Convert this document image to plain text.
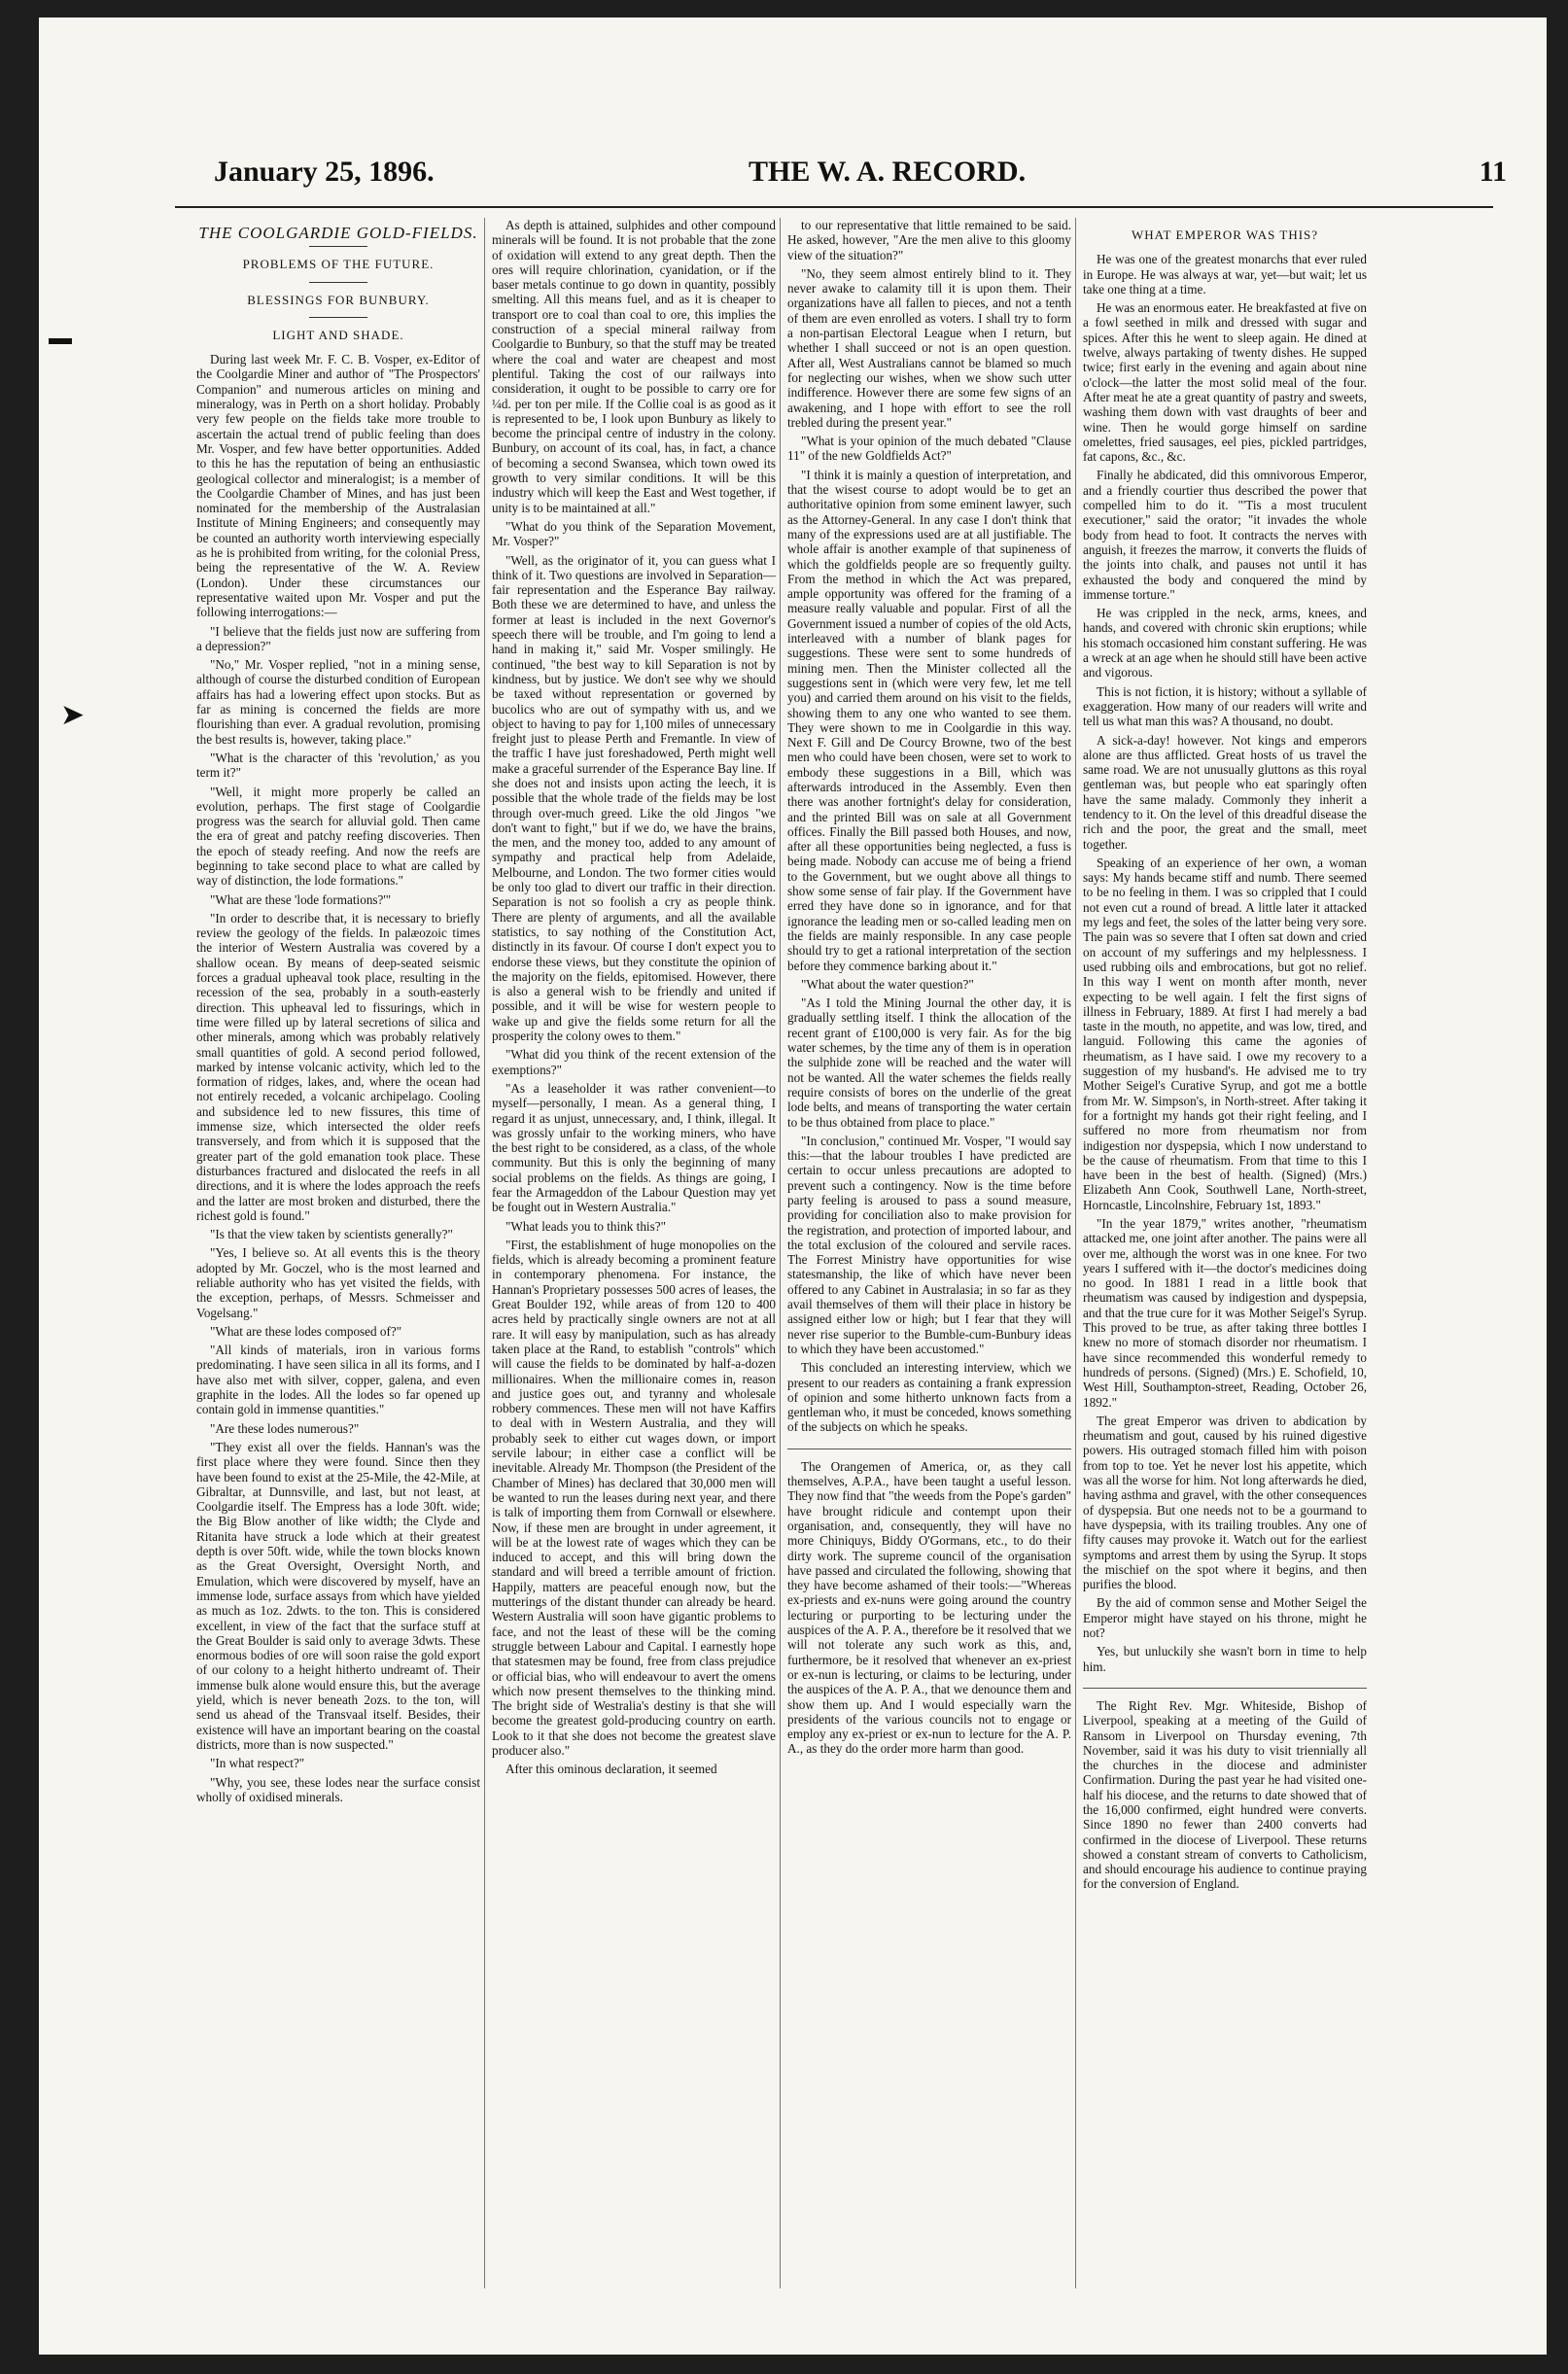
January 25, 1896.	THE W. A. RECORD.	11
➤
THE COOLGARDIE GOLD-FIELDS.
PROBLEMS OF THE FUTURE.
BLESSINGS FOR BUNBURY.
LIGHT AND SHADE.

During last week Mr. F. C. B. Vosper, ex-Editor of the Coolgardie Miner and author of "The Prospectors' Companion" and numerous articles on mining and mineralogy, was in Perth on a short holiday. Probably very few people on the fields take more trouble to ascertain the actual trend of public feeling than does Mr. Vosper, and few have better opportunities. Added to this he has the reputation of being an enthusiastic geological collector and mineralogist; is a member of the Coolgardie Chamber of Mines, and has just been nominated for the membership of the Australasian Institute of Mining Engineers; and consequently may be counted an authority worth interviewing especially as he is prohibited from writing, for the colonial Press, being the representative of the W. A. Review (London). Under these circumstances our representative waited upon Mr. Vosper and put the following interrogations:—

"I believe that the fields just now are suffering from a depression?"

"No," Mr. Vosper replied, "not in a mining sense, although of course the disturbed condition of European affairs has had a lowering effect upon stocks. But as far as mining is concerned the fields are more flourishing than ever. A gradual revolution, promising the best results is, however, taking place."

"What is the character of this 'revolution,' as you term it?"

"Well, it might more properly be called an evolution, perhaps. The first stage of Coolgardie progress was the search for alluvial gold. Then came the era of great and patchy reefing discoveries. Then the epoch of steady reefing. And now the reefs are beginning to take second place to what are called by way of distinction, the lode formations."

"What are these 'lode formations?'"

"In order to describe that, it is necessary to briefly review the geology of the fields. In palæozoic times the interior of Western Australia was covered by a shallow ocean. By means of deep-seated seismic forces a gradual upheaval took place, resulting in the recession of the sea, probably in a south-easterly direction. This upheaval led to fissurings, which in time were filled up by lateral secretions of silica and other minerals, among which was probably relatively small quantities of gold. A second period followed, marked by intense volcanic activity, which led to the formation of ridges, lakes, and, where the ocean had not entirely receded, a volcanic archipelago. Cooling and subsidence led to new fissures, this time of immense size, which intersected the older reefs transversely, and from which it is supposed that the greater part of the gold emanation took place. These disturbances fractured and dislocated the reefs in all directions, and it is where the lodes approach the reefs and the latter are most broken and disturbed, there the richest gold is found."

"Is that the view taken by scientists generally?"

"Yes, I believe so. At all events this is the theory adopted by Mr. Goczel, who is the most learned and reliable authority who has yet visited the fields, with the exception, perhaps, of Messrs. Schmeisser and Vogelsang."

"What are these lodes composed of?"

"All kinds of materials, iron in various forms predominating. I have seen silica in all its forms, and I have also met with silver, copper, galena, and even graphite in the lodes. All the lodes so far opened up contain gold in immense quantities."

"Are these lodes numerous?"

"They exist all over the fields. Hannan's was the first place where they were found. Since then they have been found to exist at the 25-Mile, the 42-Mile, at Gibraltar, at Dunnsville, and last, but not least, at Coolgardie itself. The Empress has a lode 30ft. wide; the Big Blow another of like width; the Clyde and Ritanita have struck a lode which at their greatest depth is over 50ft. wide, while the town blocks known as the Great Oversight, Oversight North, and Emulation, which were discovered by myself, have an immense lode, surface assays from which have yielded as much as 1oz. 2dwts. to the ton. This is considered excellent, in view of the fact that the surface stuff at the Great Boulder is said only to average 3dwts. These enormous bodies of ore will soon raise the gold export of our colony to a height hitherto undreamt of. Their immense bulk alone would ensure this, but the average yield, which is never beneath 2ozs. to the ton, will send us ahead of the Transvaal itself. Besides, their existence will have an important bearing on the coastal districts, more than is now suspected."

"In what respect?"

"Why, you see, these lodes near the surface consist wholly of oxidised minerals.

As depth is attained, sulphides and other compound minerals will be found. It is not probable that the zone of oxidation will extend to any great depth. Then the ores will require chlorination, cyanidation, or if the baser metals continue to go down in quantity, possibly smelting. All this means fuel, and as it is cheaper to transport ore to coal than coal to ore, this implies the construction of a special mineral railway from Coolgardie to Bunbury, so that the stuff may be treated where the coal and water are cheapest and most plentiful. Taking the cost of our railways into consideration, it ought to be possible to carry ore for ¼d. per ton per mile. If the Collie coal is as good as it is represented to be, I look upon Bunbury as likely to become the principal centre of industry in the colony. Bunbury, on account of its coal, has, in fact, a chance of becoming a second Swansea, which town owed its growth to very similar conditions. It will be this industry which will keep the East and West together, if unity is to be maintained at all."

"What do you think of the Separation Movement, Mr. Vosper?"

"Well, as the originator of it, you can guess what I think of it. Two questions are involved in Separation—fair representation and the Esperance Bay railway. Both these we are determined to have, and unless the former at least is included in the next Governor's speech there will be trouble, and I'm going to lend a hand in making it," said Mr. Vosper smilingly. He continued, "the best way to kill Separation is not by kindness, but by justice. We don't see why we should be taxed without representation or governed by bucolics who are out of sympathy with us, and we object to having to pay for 1,100 miles of unnecessary freight just to please Perth and Fremantle. In view of the traffic I have just foreshadowed, Perth might well make a graceful surrender of the Esperance Bay line. If she does not and insists upon acting the leech, it is possible that the whole trade of the fields may be lost through over-much greed. Like the old Jingos "we don't want to fight," but if we do, we have the brains, the men, and the money too, added to any amount of sympathy and practical help from Adelaide, Melbourne, and London. The two former cities would be only too glad to divert our traffic in their direction. Separation is not so foolish a cry as people think. There are plenty of arguments, and all the available statistics, to say nothing of the Constitution Act, distinctly in its favour. Of course I don't expect you to endorse these views, but they constitute the opinion of the majority on the fields, epitomised. However, there is also a general wish to be friendly and united if possible, and it will be wise for western people to wake up and give the fields some return for all the prosperity the colony owes to them."

"What did you think of the recent extension of the exemptions?"

"As a leaseholder it was rather convenient—to myself—personally, I mean. As a general thing, I regard it as unjust, unnecessary, and, I think, illegal. It was grossly unfair to the working miners, who have the best right to be considered, as a class, of the whole community. But this is only the beginning of many social problems on the fields. As things are going, I fear the Armageddon of the Labour Question may yet be fought out in Western Australia."

"What leads you to think this?"

"First, the establishment of huge monopolies on the fields, which is already becoming a prominent feature in contemporary phenomena. For instance, the Hannan's Proprietary possesses 500 acres of leases, the Great Boulder 192, while areas of from 120 to 400 acres held by practically single owners are not at all rare. It will easy by manipulation, such as has already taken place at the Rand, to establish "controls" which will cause the fields to be dominated by half-a-dozen millionaires. When the millionaire comes in, reason and justice goes out, and tyranny and wholesale robbery commences. These men will not have Kaffirs to deal with in Western Australia, and they will probably seek to either cut wages down, or import servile labour; in either case a conflict will be inevitable. Already Mr. Thompson (the President of the Chamber of Mines) has declared that 30,000 men will be wanted to run the leases during next year, and there is talk of importing them from Cornwall or elsewhere. Now, if these men are brought in under agreement, it will be at the lowest rate of wages which they can be induced to accept, and this will bring down the standard and will breed a terrible amount of friction. Happily, matters are peaceful enough now, but the mutterings of the distant thunder can already be heard. Western Australia will soon have gigantic problems to face, and not the least of these will be the coming struggle between Labour and Capital. I earnestly hope that statesmen may be found, free from class prejudice or official bias, who will endeavour to avert the omens which now present themselves to the thinking mind. The bright side of Westralia's destiny is that she will become the greatest gold-producing country on earth. Look to it that she does not become the greatest slave producer also."

After this ominous declaration, it seemed

to our representative that little remained to be said. He asked, however, "Are the men alive to this gloomy view of the situation?"

"No, they seem almost entirely blind to it. They never awake to calamity till it is upon them. Their organizations have all fallen to pieces, and not a tenth of them are even enrolled as voters. I shall try to form a non-partisan Electoral League when I return, but whether I shall succeed or not is an open question. After all, West Australians cannot be blamed so much for neglecting our wishes, when we show such utter indifference. However there are some few signs of an awakening, and I hope with effort to see the roll trebled during the present year."

"What is your opinion of the much debated "Clause 11" of the new Goldfields Act?"

"I think it is mainly a question of interpretation, and that the wisest course to adopt would be to get an authoritative opinion from some eminent lawyer, such as the Attorney-General. In any case I don't think that many of the expressions used are at all justifiable. The whole affair is another example of that supineness of which the goldfields people are so frequently guilty. From the method in which the Act was prepared, ample opportunity was offered for the framing of a measure really valuable and popular. First of all the Government issued a number of copies of the old Acts, interleaved with a number of blank pages for suggestions. These were sent to some hundreds of mining men. Then the Minister collected all the suggestions sent in (which were very few, let me tell you) and carried them around on his visit to the fields, showing them to any one who wanted to see them. They were shown to me in Coolgardie in this way. Next F. Gill and De Courcy Browne, two of the best men who could have been chosen, were set to work to embody these suggestions in a Bill, which was afterwards introduced in the Assembly. Even then there was another fortnight's delay for consideration, and the printed Bill was on sale at all Government offices. Finally the Bill passed both Houses, and now, after all these opportunities being neglected, a fuss is being made. Nobody can accuse me of being a friend to the Government, but we ought above all things to show some sense of fair play. If the Government have erred they have done so in ignorance, and for that ignorance the leading men or so-called leading men on the fields are mainly responsible. In any case people should try to get a rational interpretation of the section before they commence barking about it."

"What about the water question?"

"As I told the Mining Journal the other day, it is gradually settling itself. I think the allocation of the recent grant of £100,000 is very fair. As for the big water schemes, by the time any of them is in operation the sulphide zone will be reached and the water will not be wanted. All the water schemes the fields really require consists of bores on the underlie of the great lode belts, and means of transporting the water certain to be thus obtained from place to place."

"In conclusion," continued Mr. Vosper, "I would say this:—that the labour troubles I have predicted are certain to occur unless precautions are adopted to prevent such a contingency. Now is the time before party feeling is aroused to pass a sound measure, providing for conciliation also to make provision for the registration, and protection of imported labour, and the total exclusion of the coloured and servile races. The Forrest Ministry have opportunities for wise statesmanship, the like of which have never been offered to any Cabinet in Australasia; in so far as they avail themselves of them will their place in history be assigned either low or high; but I fear that they will never rise superior to the Bumble-cum-Bunbury ideas to which they have been accustomed."

This concluded an interesting interview, which we present to our readers as containing a frank expression of opinion and some hitherto unknown facts from a gentleman who, it must be conceded, knows something of the subjects on which he speaks.

The Orangemen of America, or, as they call themselves, A.P.A., have been taught a useful lesson. They now find that "the weeds from the Pope's garden" have brought ridicule and contempt upon their organisation, and, consequently, they will have no more Chiniquys, Biddy O'Gormans, etc., to do their dirty work. The supreme council of the organisation have passed and circulated the following, showing that they have become ashamed of their tools:—"Whereas ex-priests and ex-nuns were going around the country lecturing or purporting to be lecturing under the auspices of the A. P. A., therefore be it resolved that we will not tolerate any such work as this, and, furthermore, be it resolved that whenever an ex-priest or ex-nun is lecturing, or claims to be lecturing, under the auspices of the A. P. A., that we denounce them and show them up. And I would especially warn the presidents of the various councils not to engage or employ any ex-priest or ex-nun to lecture for the A. P. A., as they do the order more harm than good.

WHAT EMPEROR WAS THIS?

He was one of the greatest monarchs that ever ruled in Europe. He was always at war, yet—but wait; let us take one thing at a time.

He was an enormous eater. He breakfasted at five on a fowl seethed in milk and dressed with sugar and spices. After this he went to sleep again. He dined at twelve, always partaking of twenty dishes. He supped twice; first early in the evening and again about nine o'clock—the latter the most solid meal of the four. After meat he ate a great quantity of pastry and sweets, washing them down with vast draughts of beer and wine. Then he would gorge himself on sardine omelettes, fried sausages, eel pies, pickled partridges, fat capons, &c., &c.

Finally he abdicated, did this omnivorous Emperor, and a friendly courtier thus described the power that compelled him to do it. "'Tis a most truculent executioner," said the orator; "it invades the whole body from head to foot. It contracts the nerves with anguish, it freezes the marrow, it converts the fluids of the joints into chalk, and pauses not until it has exhausted the body and conquered the mind by immense torture."

He was crippled in the neck, arms, knees, and hands, and covered with chronic skin eruptions; while his stomach occasioned him constant suffering. He was a wreck at an age when he should still have been active and vigorous.

This is not fiction, it is history; without a syllable of exaggeration. How many of our readers will write and tell us what man this was? A thousand, no doubt.

A sick-a-day! however. Not kings and emperors alone are thus afflicted. Great hosts of us travel the same road. We are not unusually gluttons as this royal gentleman was, but people who eat sparingly often have the same malady. Commonly they inherit a tendency to it. On the level of this dreadful disease the rich and the poor, the great and the small, meet together.

Speaking of an experience of her own, a woman says: My hands became stiff and numb. There seemed to be no feeling in them. I was so crippled that I could not even cut a round of bread. A little later it attacked my legs and feet, the soles of the latter being very sore. The pain was so severe that I often sat down and cried on account of my sufferings and my helplessness. I used rubbing oils and embrocations, but got no relief. In this way I went on month after month, never expecting to be well again. I felt the first signs of illness in February, 1889. At first I had merely a bad taste in the mouth, no appetite, and was low, tired, and languid. Following this came the agonies of rheumatism, as I have said. I owe my recovery to a suggestion of my husband's. He advised me to try Mother Seigel's Curative Syrup, and got me a bottle from Mr. W. Simpson's, in North-street. After taking it for a fortnight my hands got their right feeling, and I suffered no more from rheumatism nor from indigestion nor dyspepsia, which I now understand to be the cause of rheumatism. From that time to this I have been in the best of health. (Signed) (Mrs.) Elizabeth Ann Cook, Southwell Lane, North-street, Horncastle, Lincolnshire, February 1st, 1893."

"In the year 1879," writes another, "rheumatism attacked me, one joint after another. The pains were all over me, although the worst was in one knee. For two years I suffered with it—the doctor's medicines doing no good. In 1881 I read in a little book that rheumatism was caused by indigestion and dyspepsia, and that the true cure for it was Mother Seigel's Syrup. This proved to be true, as after taking three bottles I knew no more of stomach disorder nor rheumatism. I have since recommended this wonderful remedy to hundreds of persons. (Signed) (Mrs.) E. Schofield, 10, West Hill, Southampton-street, Reading, October 26, 1892."

The great Emperor was driven to abdication by rheumatism and gout, caused by his ruined digestive powers. His outraged stomach filled him with poison from top to toe. Yet he never lost his appetite, which was all the worse for him. Not long afterwards he died, having asthma and gravel, with the other consequences of dyspepsia. But one needs not to be a gourmand to have dyspepsia, with its trailing troubles. Any one of fifty causes may provoke it. Watch out for the earliest symptoms and arrest them by using the Syrup. It stops the mischief on the spot where it begins, and then purifies the blood.

By the aid of common sense and Mother Seigel the Emperor might have stayed on his throne, might he not?

Yes, but unluckily she wasn't born in time to help him.

The Right Rev. Mgr. Whiteside, Bishop of Liverpool, speaking at a meeting of the Guild of Ransom in Liverpool on Thursday evening, 7th November, said it was his duty to visit triennially all the churches in the diocese and administer Confirmation. During the past year he had visited one-half his diocese, and the returns to date showed that of the 16,000 confirmed, eight hundred were converts. Since 1890 no fewer than 2400 converts had confirmed in the diocese of Liverpool. These returns showed a constant stream of converts to Catholicism, and should encourage his audience to continue praying for the conversion of England.
